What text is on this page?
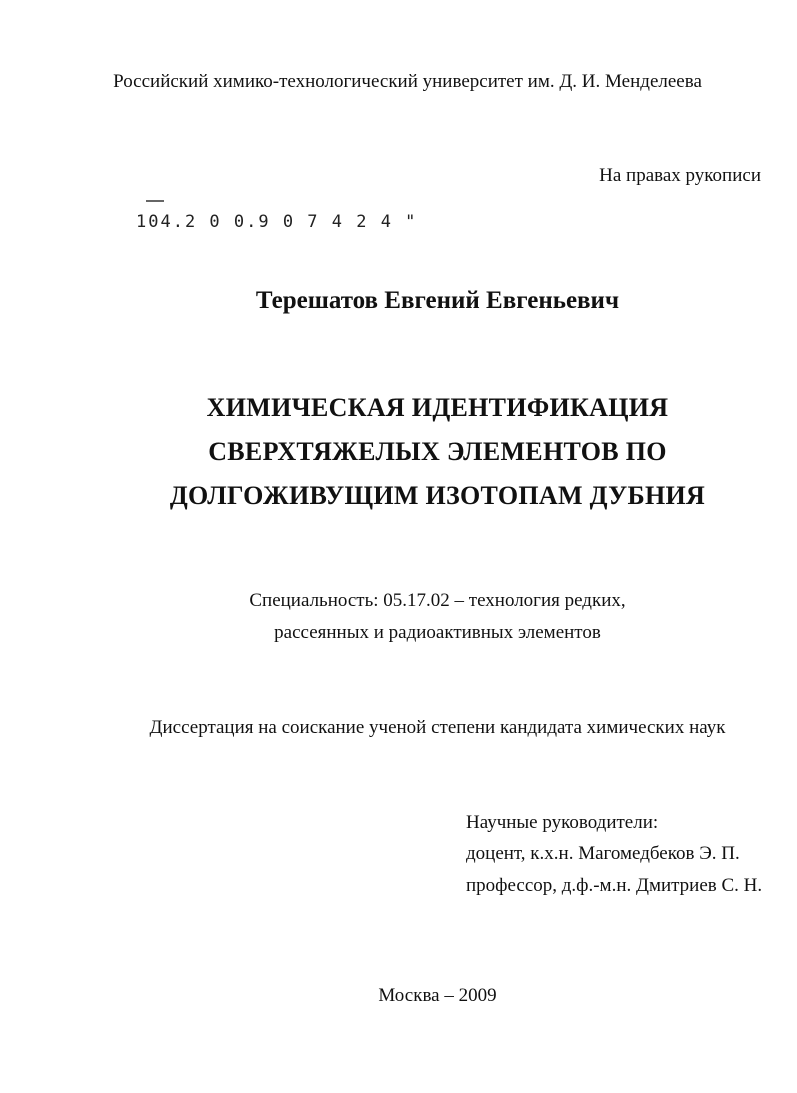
Российский химико-технологический университет им. Д. И. Менделеева
На правах рукописи
104.2 0 0.9 0 7 4 2 4 "
Терешатов Евгений Евгеньевич
ХИМИЧЕСКАЯ ИДЕНТИФИКАЦИЯ
СВЕРХТЯЖЕЛЫХ ЭЛЕМЕНТОВ ПО
ДОЛГОЖИВУЩИМ ИЗОТОПАМ ДУБНИЯ
Специальность: 05.17.02 – технология редких,
рассеянных и радиоактивных элементов
Диссертация на соискание ученой степени кандидата химических наук
Научные руководители:
доцент, к.х.н. Магомедбеков Э. П.
профессор, д.ф.-м.н. Дмитриев С. Н.
Москва – 2009
